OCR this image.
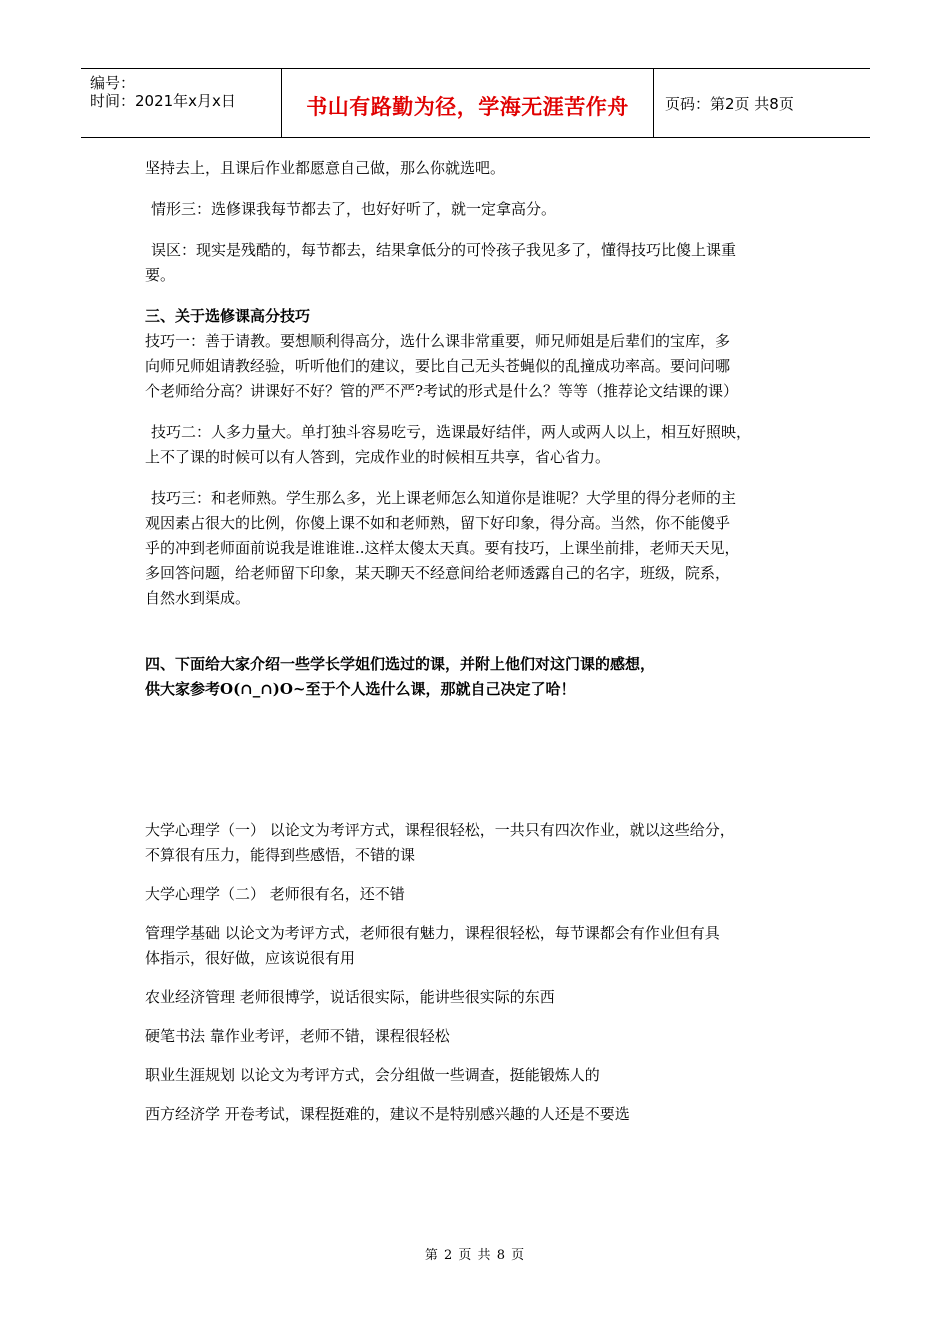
编号：
时间：2021年x月x日	书山有路勤为径，学海无涯苦作舟	页码：第2页 共8页

坚持去上，且课后作业都愿意自己做，那么你就选吧。

情形三：选修课我每节都去了，也好好听了，就一定拿高分。

误区：现实是残酷的，每节都去，结果拿低分的可怜孩子我见多了，懂得技巧比傻上课重

要。

三、关于选修课高分技巧

技巧一：善于请教。要想顺利得高分，选什么课非常重要，师兄师姐是后辈们的宝库，多

向师兄师姐请教经验，听听他们的建议，要比自己无头苍蝇似的乱撞成功率高。要问问哪

个老师给分高？讲课好不好？管的严不严?考试的形式是什么？等等（推荐论文结课的课）

技巧二：人多力量大。单打独斗容易吃亏，选课最好结伴，两人或两人以上，相互好照映，

上不了课的时候可以有人答到，完成作业的时候相互共享，省心省力。

技巧三：和老师熟。学生那么多，光上课老师怎么知道你是谁呢？大学里的得分老师的主

观因素占很大的比例，你傻上课不如和老师熟，留下好印象，得分高。当然，你不能傻乎

乎的冲到老师面前说我是谁谁谁..这样太傻太天真。要有技巧，上课坐前排，老师天天见，

多回答问题，给老师留下印象，某天聊天不经意间给老师透露自己的名字，班级，院系，

自然水到渠成。

四、下面给大家介绍一些学长学姐们选过的课，并附上他们对这门课的感想，

供大家参考O(∩_∩)O~至于个人选什么课，那就自己决定了哈！

大学心理学（一） 以论文为考评方式，课程很轻松，一共只有四次作业，就以这些给分，

不算很有压力，能得到些感悟，不错的课

大学心理学（二） 老师很有名，还不错

管理学基础 以论文为考评方式，老师很有魅力，课程很轻松，每节课都会有作业但有具

体指示，很好做，应该说很有用

农业经济管理 老师很博学，说话很实际，能讲些很实际的东西

硬笔书法 靠作业考评，老师不错，课程很轻松

职业生涯规划 以论文为考评方式，会分组做一些调查，挺能锻炼人的

西方经济学 开卷考试，课程挺难的，建议不是特别感兴趣的人还是不要选

第 2 页 共 8 页
